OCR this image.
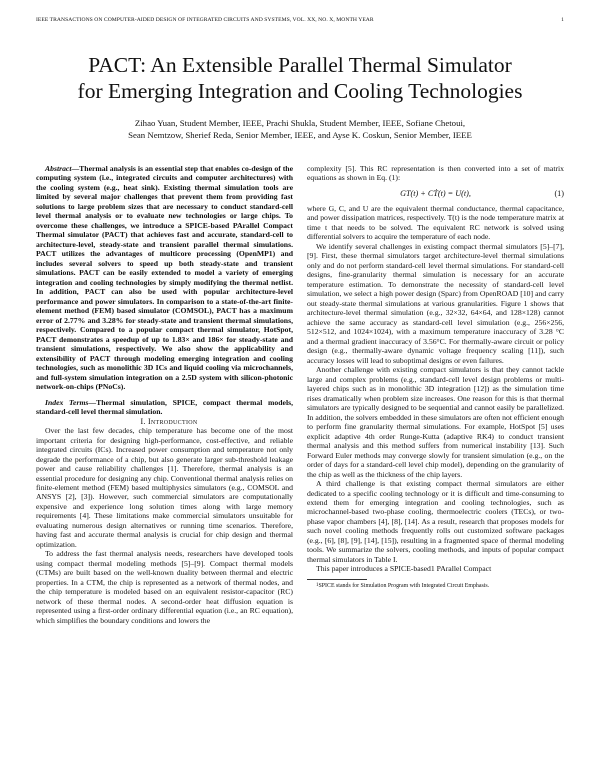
IEEE TRANSACTIONS ON COMPUTER-AIDED DESIGN OF INTEGRATED CIRCUITS AND SYSTEMS, VOL. XX, NO. X, MONTH YEAR	1
PACT: An Extensible Parallel Thermal Simulator
for Emerging Integration and Cooling Technologies
Zihao Yuan, Student Member, IEEE, Prachi Shukla, Student Member, IEEE, Sofiane Chetoui,
Sean Nemtzow, Sherief Reda, Senior Member, IEEE, and Ayse K. Coskun, Senior Member, IEEE

Abstract—Thermal analysis is an essential step that enables co-design of the computing system (i.e., integrated circuits and computer architectures) with the cooling system (e.g., heat sink). Existing thermal simulation tools are limited by several major challenges that prevent them from providing fast solutions to large problem sizes that are necessary to conduct standard-cell level thermal analysis or to evaluate new technologies or large chips. To overcome these challenges, we introduce a SPICE-based PArallel Compact Thermal simulator (PACT) that achieves fast and accurate, standard-cell to architecture-level, steady-state and transient parallel thermal simulations. PACT utilizes the advantages of multicore processing (OpenMP1) and includes several solvers to speed up both steady-state and transient simulations. PACT can be easily extended to model a variety of emerging integration and cooling technologies by simply modifying the thermal netlist. In addition, PACT can also be used with popular architecture-level performance and power simulators. In comparison to a state-of-the-art finite-element method (FEM) based simulator (COMSOL), PACT has a maximum error of 2.77% and 3.28% for steady-state and transient thermal simulations, respectively. Compared to a popular compact thermal simulator, HotSpot, PACT demonstrates a speedup of up to 1.83× and 186× for steady-state and transient simulations, respectively. We also show the applicability and extensibility of PACT through modeling emerging integration and cooling technologies, such as monolithic 3D ICs and liquid cooling via microchannels, and full-system simulation integration on a 2.5D system with silicon-photonic network-on-chips (PNoCs).

Index Terms—Thermal simulation, SPICE, compact thermal models, standard-cell level thermal simulation.

I. Introduction

Over the last few decades, chip temperature has become one of the most important criteria for designing high-performance, cost-effective, and reliable integrated circuits (ICs). Increased power consumption and temperature not only degrade the performance of a chip, but also generate larger sub-threshold leakage power and cause reliability challenges [1]. Therefore, thermal analysis is an essential procedure for designing any chip. Conventional thermal analysis relies on finite-element method (FEM) based multiphysics simulators (e.g., COMSOL and ANSYS [2], [3]). However, such commercial simulators are computationally expensive and experience long solution times along with large memory requirements [4]. These limitations make commercial simulators unsuitable for evaluating numerous design alternatives or running time scenarios. Therefore, having fast and accurate thermal analysis is crucial for chip design and thermal optimization.

To address the fast thermal analysis needs, researchers have developed tools using compact thermal modeling methods [5]–[9]. Compact thermal models (CTMs) are built based on the well-known duality between thermal and electric properties. In a CTM, the chip is represented as a network of thermal nodes, and the chip temperature is modeled based on an equivalent resistor-capacitor (RC) network of these thermal nodes. A second-order heat diffusion equation is represented using a first-order ordinary differential equation (i.e., an RC equation), which simplifies the boundary conditions and lowers the

complexity [5]. This RC representation is then converted into a set of matrix equations as shown in Eq. (1):

GT(t) + CṪ(t) = U(t),	(1)

where G, C, and U are the equivalent thermal conductance, thermal capacitance, and power dissipation matrices, respectively. T(t) is the node temperature matrix at time t that needs to be solved. The equivalent RC network is solved using differential solvers to acquire the temperature of each node.

We identify several challenges in existing compact thermal simulators [5]–[7], [9]. First, these thermal simulators target architecture-level thermal simulations only and do not perform standard-cell level thermal simulations. For standard-cell designs, fine-granularity thermal simulation is necessary for an accurate temperature estimation. To demonstrate the necessity of standard-cell level simulation, we select a high power design (Sparc) from OpenROAD [10] and carry out steady-state thermal simulations at various granularities. Figure 1 shows that architecture-level thermal simulation (e.g., 32×32, 64×64, and 128×128) cannot achieve the same accuracy as standard-cell level simulation (e.g., 256×256, 512×512, and 1024×1024), with a maximum temperature inaccuracy of 3.28 °C and a thermal gradient inaccuracy of 3.56°C. For thermally-aware circuit or policy design (e.g., thermally-aware dynamic voltage frequency scaling [11]), such accuracy losses will lead to suboptimal designs or even failures.

Another challenge with existing compact simulators is that they cannot tackle large and complex problems (e.g., standard-cell level design problems or multi-layered chips such as in monolithic 3D integration [12]) as the simulation time rises dramatically when problem size increases. One reason for this is that thermal simulators are typically designed to be sequential and cannot easily be parallelized. In addition, the solvers embedded in these simulators are often not efficient enough to perform fine granularity thermal simulations. For example, HotSpot [5] uses explicit adaptive 4th order Runge-Kutta (adaptive RK4) to conduct transient thermal analysis and this method suffers from numerical instability [13]. Such Forward Euler methods may converge slowly for transient simulation (e.g., on the order of days for a standard-cell level chip model), depending on the granularity of the chip as well as the thickness of the chip layers.

A third challenge is that existing compact thermal simulators are either dedicated to a specific cooling technology or it is difficult and time-consuming to extend them for emerging integration and cooling technologies, such as microchannel-based two-phase cooling, thermoelectric coolers (TECs), or two-phase vapor chambers [4], [8], [14]. As a result, research that proposes models for such novel cooling methods frequently rolls out customized software packages (e.g., [6], [8], [9], [14], [15]), resulting in a fragmented space of thermal modeling tools. We summarize the solvers, cooling methods, and inputs of popular compact thermal simulators in Table I.

This paper introduces a SPICE-based1 PArallel Compact

$^1$SPICE stands for Simulation Program with Integrated Circuit Emphasis.
